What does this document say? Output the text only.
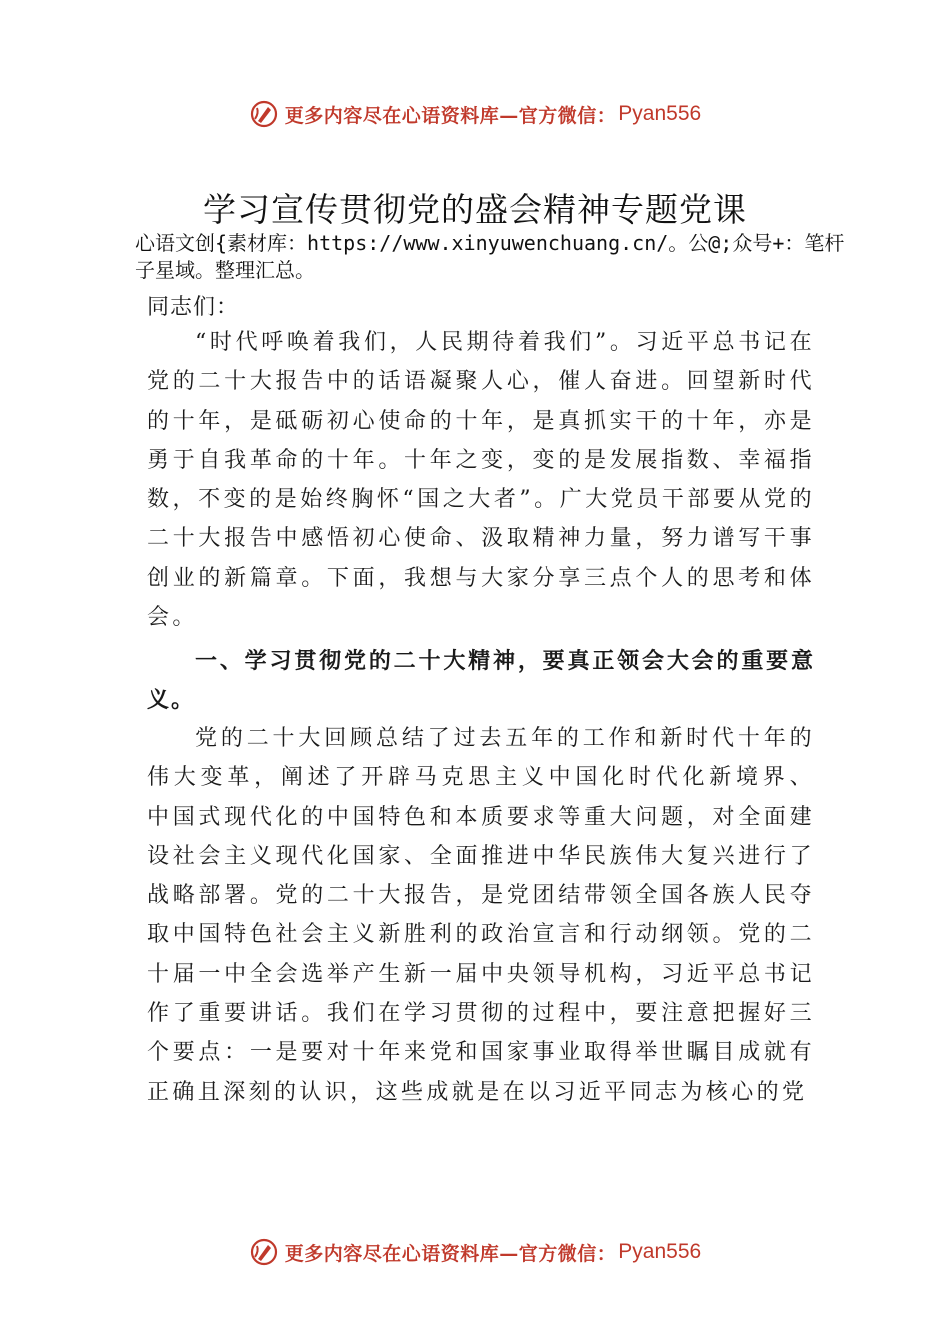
更多内容尽在心语资料库—官方微信： Pyan556
学习宣传贯彻党的盛会精神专题党课

心语文创{素材库：https://www.xinyuwenchuang.cn/。公@;众号+：笔杆子星域。整理汇总。

同志们：

“时代呼唤着我们，人民期待着我们”。习近平总书记在党的二十大报告中的话语凝聚人心，催人奋进。回望新时代的十年，是砥砺初心使命的十年，是真抓实干的十年，亦是勇于自我革命的十年。十年之变，变的是发展指数、幸福指数，不变的是始终胸怀“国之大者”。广大党员干部要从党的二十大报告中感悟初心使命、汲取精神力量，努力谱写干事创业的新篇章。下面，我想与大家分享三点个人的思考和体会。

一、学习贯彻党的二十大精神，要真正领会大会的重要意义。

党的二十大回顾总结了过去五年的工作和新时代十年的伟大变革，阐述了开辟马克思主义中国化时代化新境界、 中国式现代化的中国特色和本质要求等重大问题，对全面建设社会主义现代化国家、全面推进中华民族伟大复兴进行了战略部署。党的二十大报告，是党团结带领全国各族人民夺取中国特色社会主义新胜利的政治宣言和行动纲领。党的二十届一中全会选举产生新一届中央领导机构，习近平总书记作了重要讲话。我们在学习贯彻的过程中，要注意把握好三个要点：一是要对十年来党和国家事业取得举世瞩目成就有正确且深刻的认识，这些成就是在以习近平同志为核心的党

更多内容尽在心语资料库—官方微信： Pyan556
